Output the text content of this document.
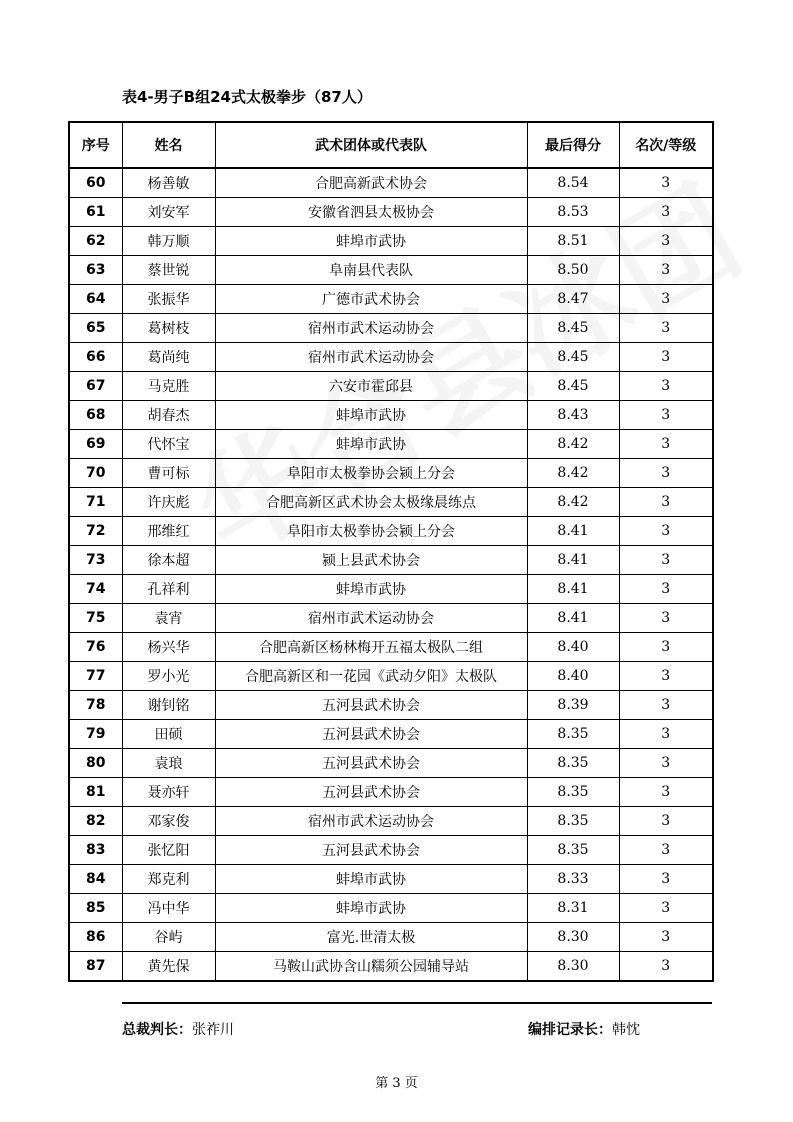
表4-男子B组24式太极拳步（87人）
序号	姓名	武术团体或代表队	最后得分	名次/等级
60	杨善敏	合肥高新武术协会	8.54	3
61	刘安军	安徽省泗县太极协会	8.53	3
62	韩万顺	蚌埠市武协	8.51	3
63	蔡世锐	阜南县代表队	8.50	3
64	张振华	广德市武术协会	8.47	3
65	葛树枝	宿州市武术运动协会	8.45	3
66	葛尚纯	宿州市武术运动协会	8.45	3
67	马克胜	六安市霍邱县	8.45	3
68	胡春杰	蚌埠市武协	8.43	3
69	代怀宝	蚌埠市武协	8.42	3
70	曹可标	阜阳市太极拳协会颍上分会	8.42	3
71	许庆彪	合肥高新区武术协会太极缘晨练点	8.42	3
72	邢维红	阜阳市太极拳协会颍上分会	8.41	3
73	徐本超	颍上县武术协会	8.41	3
74	孔祥利	蚌埠市武协	8.41	3
75	袁宵	宿州市武术运动协会	8.41	3
76	杨兴华	合肥高新区杨林梅开五福太极队二组	8.40	3
77	罗小光	合肥高新区和一花园《武动夕阳》太极队	8.40	3
78	谢钊铭	五河县武术协会	8.39	3
79	田硕	五河县武术协会	8.35	3
80	袁琅	五河县武术协会	8.35	3
81	聂亦轩	五河县武术协会	8.35	3
82	邓家俊	宿州市武术运动协会	8.35	3
83	张忆阳	五河县武术协会	8.35	3
84	郑克利	蚌埠市武协	8.33	3
85	冯中华	蚌埠市武协	8.31	3
86	谷屿	富光.世清太极	8.30	3
87	黄先保	马鞍山武协含山糯须公园辅导站	8.30	3
总裁判长：张祚川	编排记录长：韩忱
第 3 页
